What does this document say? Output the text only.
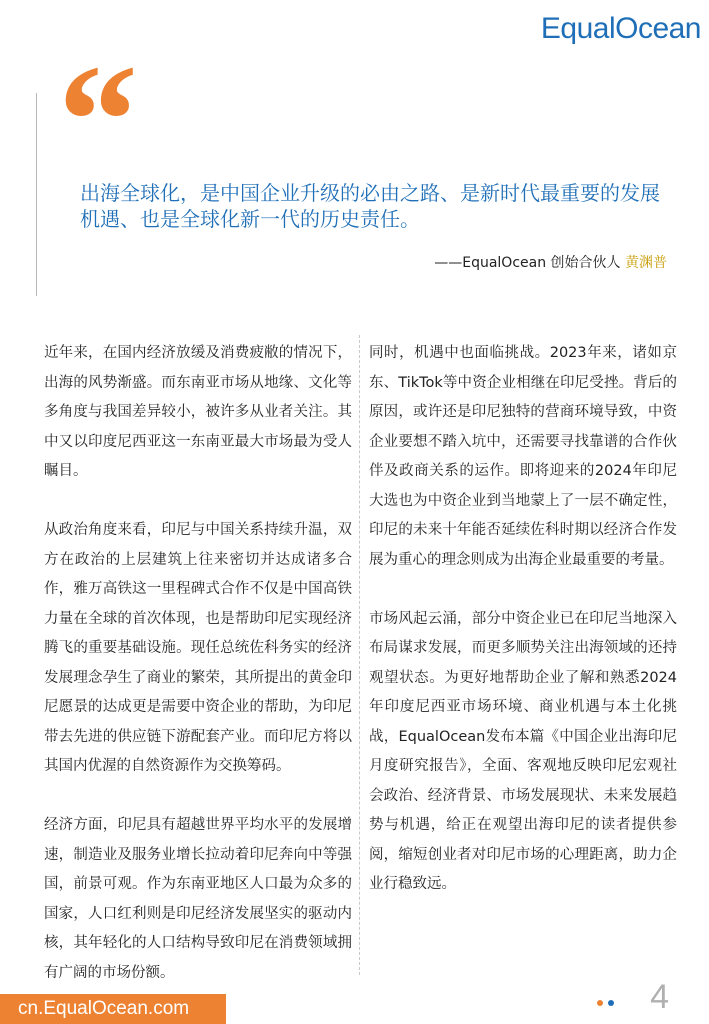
EqualOcean
“
出海全球化，是中国企业升级的必由之路、是新时代最重要的发展机遇、也是全球化新一代的历史责任。
——EqualOcean 创始合伙人 黄渊普

近年来，在国内经济放缓及消费疲敝的情况下，出海的风势渐盛。而东南亚市场从地缘、文化等多角度与我国差异较小，被许多从业者关注。其中又以印度尼西亚这一东南亚最大市场最为受人瞩目。

从政治角度来看，印尼与中国关系持续升温，双方在政治的上层建筑上往来密切并达成诸多合作，雅万高铁这一里程碑式合作不仅是中国高铁力量在全球的首次体现，也是帮助印尼实现经济腾飞的重要基础设施。现任总统佐科务实的经济发展理念孕生了商业的繁荣，其所提出的黄金印尼愿景的达成更是需要中资企业的帮助，为印尼带去先进的供应链下游配套产业。而印尼方将以其国内优渥的自然资源作为交换筹码。

经济方面，印尼具有超越世界平均水平的发展增速，制造业及服务业增长拉动着印尼奔向中等强国，前景可观。作为东南亚地区人口最为众多的国家，人口红利则是印尼经济发展坚实的驱动内核，其年轻化的人口结构导致印尼在消费领域拥有广阔的市场份额。

同时，机遇中也面临挑战。2023年来，诸如京东、TikTok等中资企业相继在印尼受挫。背后的原因，或许还是印尼独特的营商环境导致，中资企业要想不踏入坑中，还需要寻找靠谱的合作伙伴及政商关系的运作。即将迎来的2024年印尼大选也为中资企业到当地蒙上了一层不确定性，印尼的未来十年能否延续佐科时期以经济合作发展为重心的理念则成为出海企业最重要的考量。

市场风起云涌，部分中资企业已在印尼当地深入布局谋求发展，而更多顺势关注出海领域的还持观望状态。为更好地帮助企业了解和熟悉2024年印度尼西亚市场环境、商业机遇与本土化挑战，EqualOcean发布本篇《中国企业出海印尼月度研究报告》，全面、客观地反映印尼宏观社会政治、经济背景、市场发展现状、未来发展趋势与机遇，给正在观望出海印尼的读者提供参阅，缩短创业者对印尼市场的心理距离，助力企业行稳致远。

cn.EqualOcean.com	4
